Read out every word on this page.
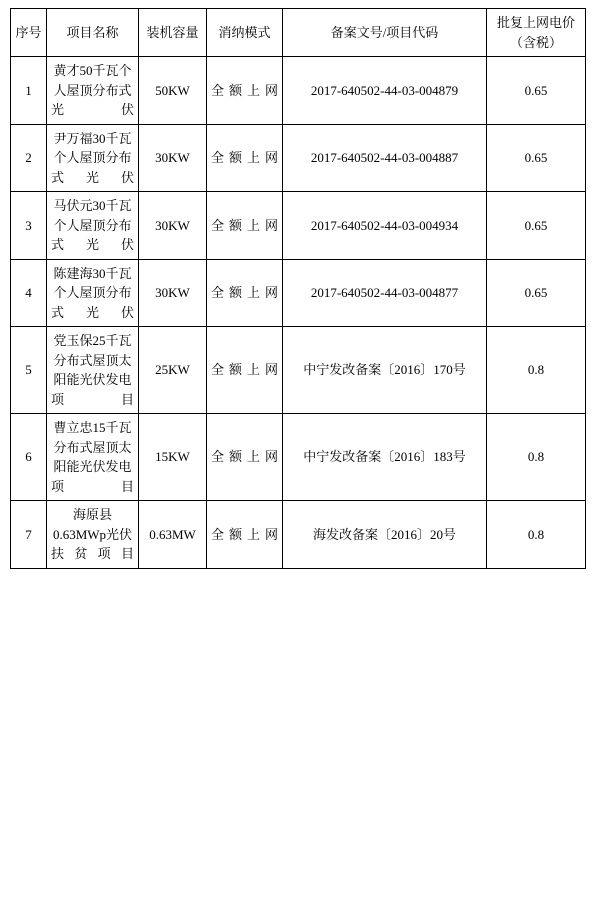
序号	项目名称	装机容量	消纳模式	备案文号/项目代码	批复上网电价（含税）
1	黄才50千瓦个人屋顶分布式光伏	50KW	全额上网	2017-640502-44-03-004879	0.65
2	尹万福30千瓦个人屋顶分布式光伏	30KW	全额上网	2017-640502-44-03-004887	0.65
3	马伏元30千瓦个人屋顶分布式光伏	30KW	全额上网	2017-640502-44-03-004934	0.65
4	陈建海30千瓦个人屋顶分布式光伏	30KW	全额上网	2017-640502-44-03-004877	0.65
5	党玉保25千瓦分布式屋顶太阳能光伏发电项目	25KW	全额上网	中宁发改备案〔2016〕170号	0.8
6	曹立忠15千瓦分布式屋顶太阳能光伏发电项目	15KW	全额上网	中宁发改备案〔2016〕183号	0.8
7	海原县0.63MWp光伏扶贫项目	0.63MW	全额上网	海发改备案〔2016〕20号	0.8
